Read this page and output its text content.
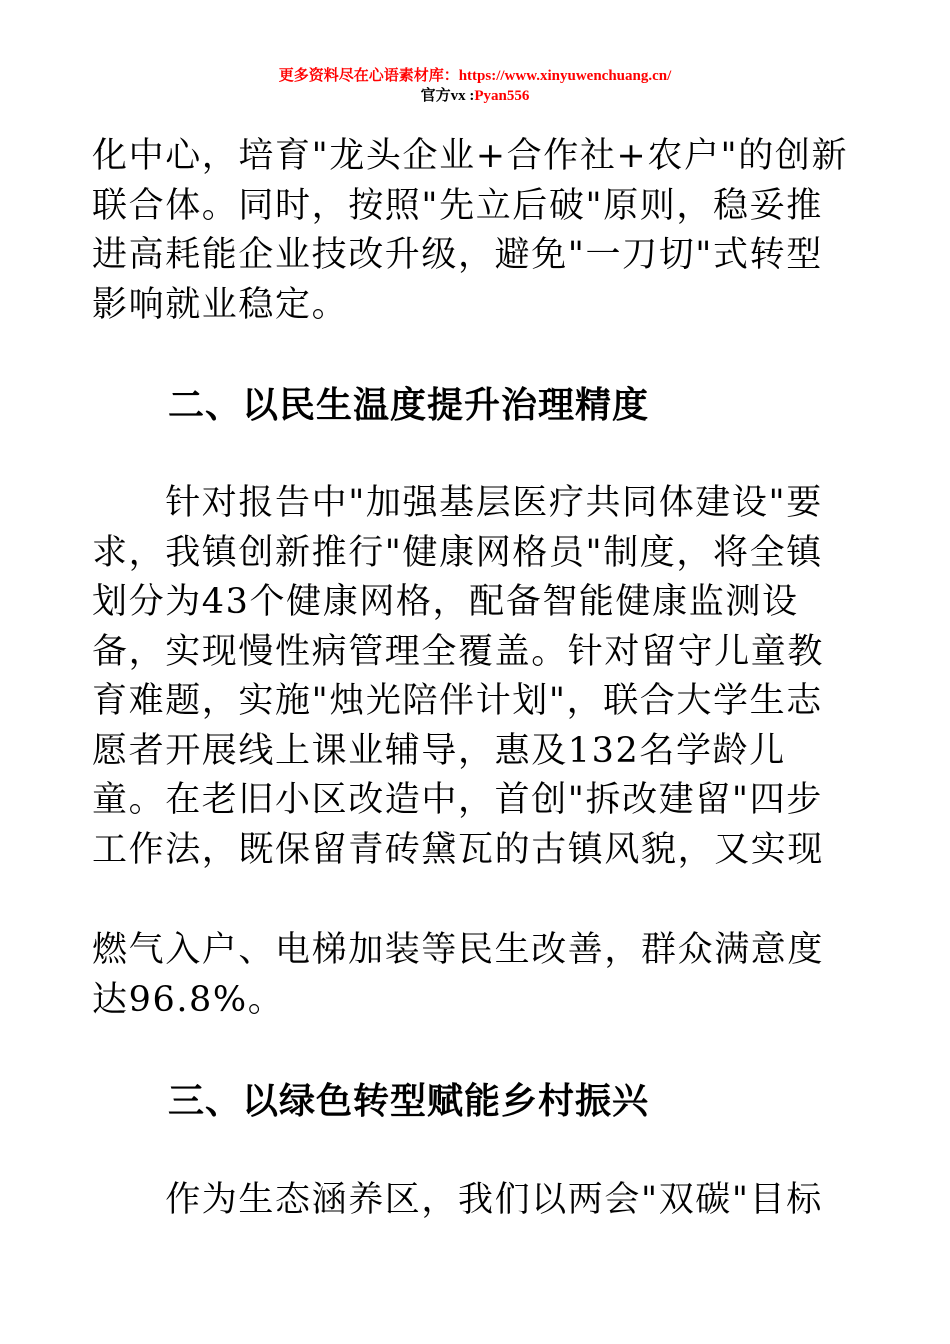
更多资料尽在心语素材库：https://www.xinyuwenchuang.cn/
官方vx :Pyan556
化中心，培育"龙头企业+合作社+农户"的创新
联合体。同时，按照"先立后破"原则，稳妥推
进高耗能企业技改升级，避免"一刀切"式转型
影响就业稳定。
二、以民生温度提升治理精度
　　针对报告中"加强基层医疗共同体建设"要
求，我镇创新推行"健康网格员"制度，将全镇
划分为43个健康网格，配备智能健康监测设
备，实现慢性病管理全覆盖。针对留守儿童教
育难题，实施"烛光陪伴计划"，联合大学生志
愿者开展线上课业辅导，惠及132名学龄儿
童。在老旧小区改造中，首创"拆改建留"四步
工作法，既保留青砖黛瓦的古镇风貌，又实现
燃气入户、电梯加装等民生改善，群众满意度
达96.8%。
三、以绿色转型赋能乡村振兴
　　作为生态涵养区，我们以两会"双碳"目标
